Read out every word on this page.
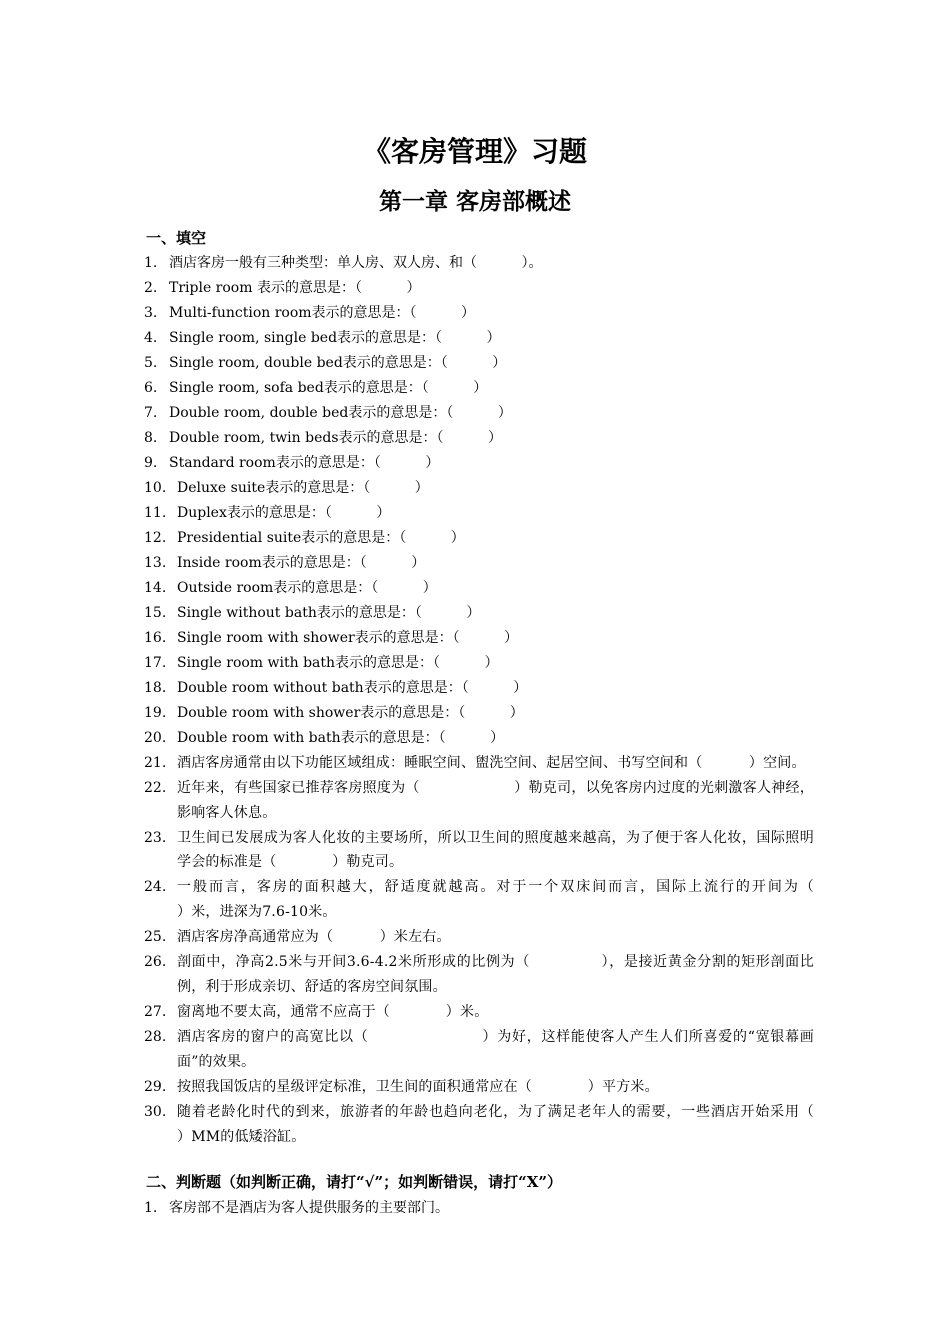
《客房管理》习题
第一章 客房部概述
一、填空
1. 酒店客房一般有三种类型：单人房、双人房、和（          ）。
2. Triple room 表示的意思是：（          ）
3. Multi-function room表示的意思是：（          ）
4. Single room, single bed表示的意思是：（          ）
5. Single room, double bed表示的意思是：（          ）
6. Single room, sofa bed表示的意思是：（          ）
7. Double room, double bed表示的意思是：（          ）
8. Double room, twin beds表示的意思是：（          ）
9. Standard room表示的意思是：（          ）
10. Deluxe suite表示的意思是：（          ）
11. Duplex表示的意思是：（          ）
12. Presidential suite表示的意思是：（          ）
13. Inside room表示的意思是：（          ）
14. Outside room表示的意思是：（          ）
15. Single without bath表示的意思是：（          ）
16. Single room with shower表示的意思是：（          ）
17. Single room with bath表示的意思是：（          ）
18. Double room without bath表示的意思是：（          ）
19. Double room with shower表示的意思是：（          ）
20. Double room with bath表示的意思是：（          ）
21. 酒店客房通常由以下功能区域组成：睡眠空间、盥洗空间、起居空间、书写空间和（          ）空间。
22. 近年来，有些国家已推荐客房照度为（                    ）勒克司，以免客房内过度的光刺激客人神经，影响客人休息。
23. 卫生间已发展成为客人化妆的主要场所，所以卫生间的照度越来越高，为了便于客人化妆，国际照明学会的标准是（            ）勒克司。
24. 一般而言，客房的面积越大，舒适度就越高。对于一个双床间而言，国际上流行的开间为（                ）米，进深为7.6-10米。
25. 酒店客房净高通常应为（          ）米左右。
26. 剖面中，净高2.5米与开间3.6-4.2米所形成的比例为（              ），是接近黄金分割的矩形剖面比例，利于形成亲切、舒适的客房空间氛围。
27. 窗离地不要太高，通常不应高于（            ）米。
28. 酒店客房的窗户的高宽比以（                      ）为好，这样能使客人产生人们所喜爱的“宽银幕画面”的效果。
29. 按照我国饭店的星级评定标准，卫生间的面积通常应在（            ）平方米。
30. 随着老龄化时代的到来，旅游者的年龄也趋向老化，为了满足老年人的需要，一些酒店开始采用（                      ）MM的低矮浴缸。
二、判断题（如判断正确，请打“√”；如判断错误，请打“X”）
1. 客房部不是酒店为客人提供服务的主要部门。
